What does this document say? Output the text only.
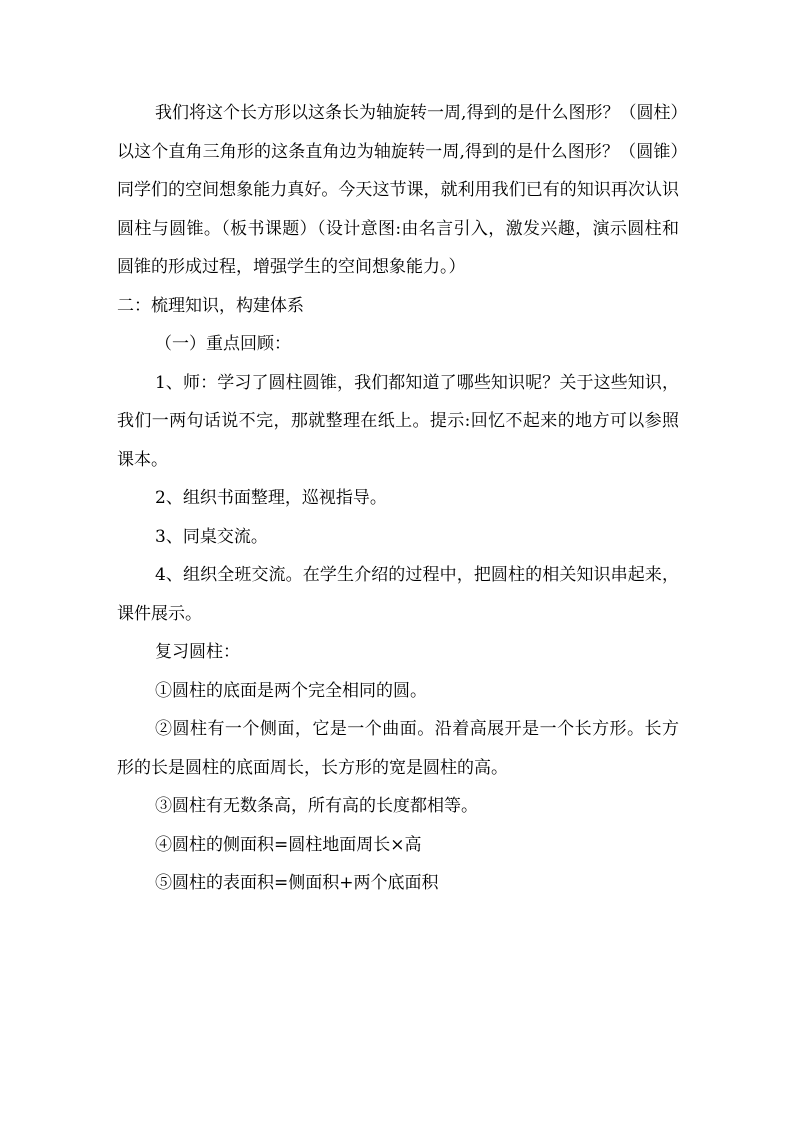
我们将这个长方形以这条长为轴旋转一周,得到的是什么图形？（圆柱）以这个直角三角形的这条直角边为轴旋转一周,得到的是什么图形？（圆锥）同学们的空间想象能力真好。今天这节课，就利用我们已有的知识再次认识圆柱与圆锥。（板书课题）（设计意图:由名言引入，激发兴趣，演示圆柱和圆锥的形成过程，增强学生的空间想象能力。）

二：梳理知识，构建体系

（一）重点回顾：

1、师：学习了圆柱圆锥，我们都知道了哪些知识呢？关于这些知识，我们一两句话说不完，那就整理在纸上。提示:回忆不起来的地方可以参照课本。

2、组织书面整理，巡视指导。

3、同桌交流。

4、组织全班交流。在学生介绍的过程中，把圆柱的相关知识串起来，课件展示。

复习圆柱：

①圆柱的底面是两个完全相同的圆。

②圆柱有一个侧面，它是一个曲面。沿着高展开是一个长方形。长方形的长是圆柱的底面周长，长方形的宽是圆柱的高。

③圆柱有无数条高，所有高的长度都相等。

④圆柱的侧面积=圆柱地面周长×高

⑤圆柱的表面积=侧面积+两个底面积
